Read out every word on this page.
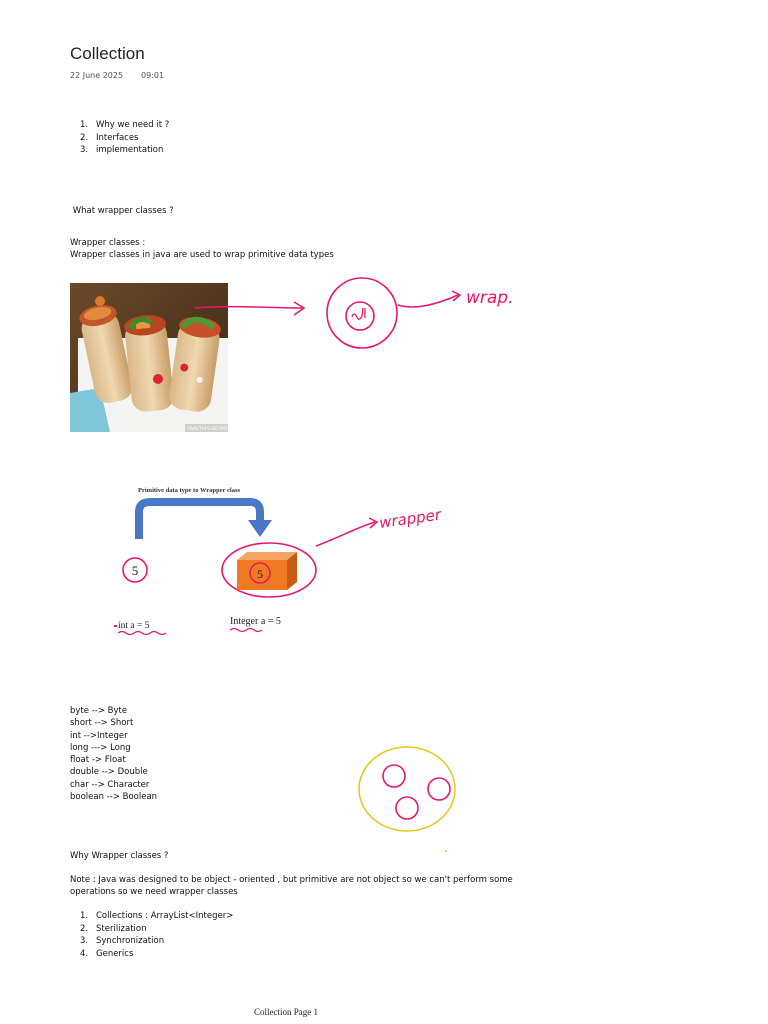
Collection
22 June 2025 09:01
1. Why we need it ?
2. Interfaces
3. implementation
What wrapper classes ?
Wrapper classes :
Wrapper classes in java are used to wrap primitive data types
SWASTHI'S RECIPES
wrap.
Primitive data type to Wrapper class
5	5
wrapper
int a = 5	Integer a = 5
byte --> Byte
short --> Short
int -->Integer
long ---> Long
float -> Float
double --> Double
char --> Character
boolean --> Boolean
Why Wrapper classes ?
Note : Java was designed to be object - oriented , but primitive are not object so we can't perform some
operations so we need wrapper classes
1. Collections : ArrayList<Integer>
2. Sterilization
3. Synchronization
4. Generics
Collection Page 1
